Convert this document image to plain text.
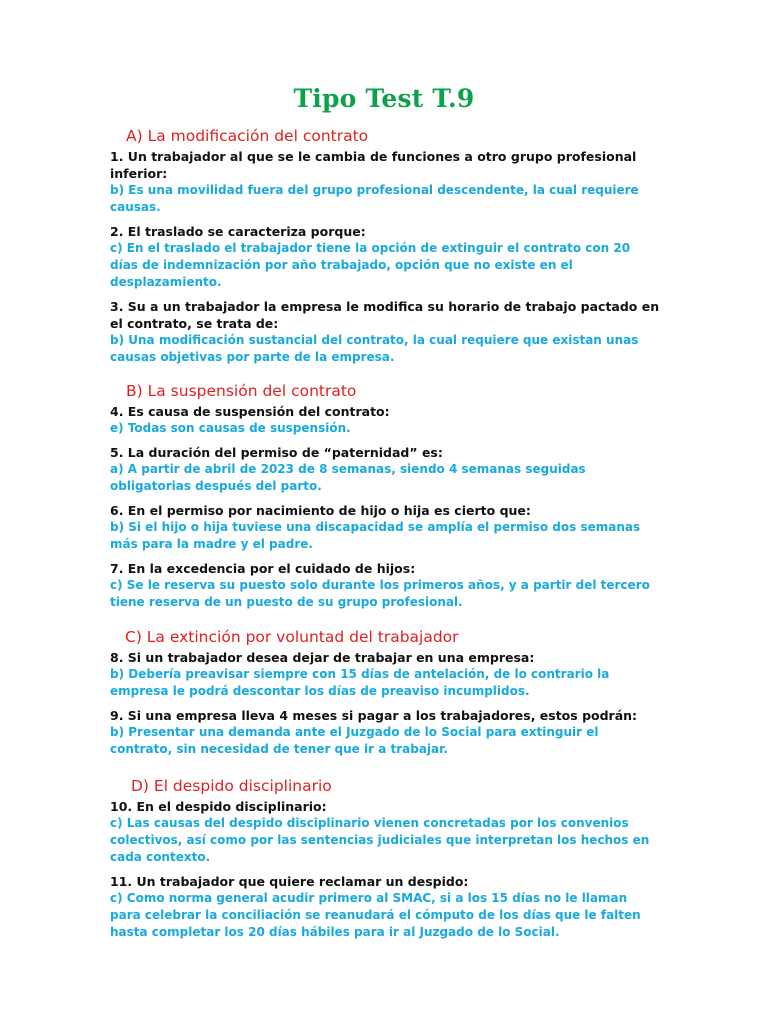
Tipo Test T.9
A) La modificación del contrato
1. Un trabajador al que se le cambia de funciones a otro grupo profesional inferior:
b) Es una movilidad fuera del grupo profesional descendente, la cual requiere causas.
2. El traslado se caracteriza porque:
c) En el traslado el trabajador tiene la opción de extinguir el contrato con 20 días de indemnización por año trabajado, opción que no existe en el desplazamiento.
3. Su a un trabajador la empresa le modifica su horario de trabajo pactado en el contrato, se trata de:
b) Una modificación sustancial del contrato, la cual requiere que existan unas causas objetivas por parte de la empresa.
B) La suspensión del contrato
4. Es causa de suspensión del contrato:
e) Todas son causas de suspensión.
5. La duración del permiso de “paternidad” es:
a) A partir de abril de 2023 de 8 semanas, siendo 4 semanas seguidas obligatorias después del parto.
6. En el permiso por nacimiento de hijo o hija es cierto que:
b) Si el hijo o hija tuviese una discapacidad se amplía el permiso dos semanas más para la madre y el padre.
7. En la excedencia por el cuidado de hijos:
c) Se le reserva su puesto solo durante los primeros años, y a partir del tercero tiene reserva de un puesto de su grupo profesional.
C) La extinción por voluntad del trabajador
8. Si un trabajador desea dejar de trabajar en una empresa:
b) Debería preavisar siempre con 15 días de antelación, de lo contrario la empresa le podrá descontar los días de preaviso incumplidos.
9. Si una empresa lleva 4 meses si pagar a los trabajadores, estos podrán:
b) Presentar una demanda ante el Juzgado de lo Social para extinguir el contrato, sin necesidad de tener que ir a trabajar.
D) El despido disciplinario
10. En el despido disciplinario:
c) Las causas del despido disciplinario vienen concretadas por los convenios colectivos, así como por las sentencias judiciales que interpretan los hechos en cada contexto.
11. Un trabajador que quiere reclamar un despido:
c) Como norma general acudir primero al SMAC, si a los 15 días no le llaman para celebrar la conciliación se reanudará el cómputo de los días que le falten hasta completar los 20 días hábiles para ir al Juzgado de lo Social.
